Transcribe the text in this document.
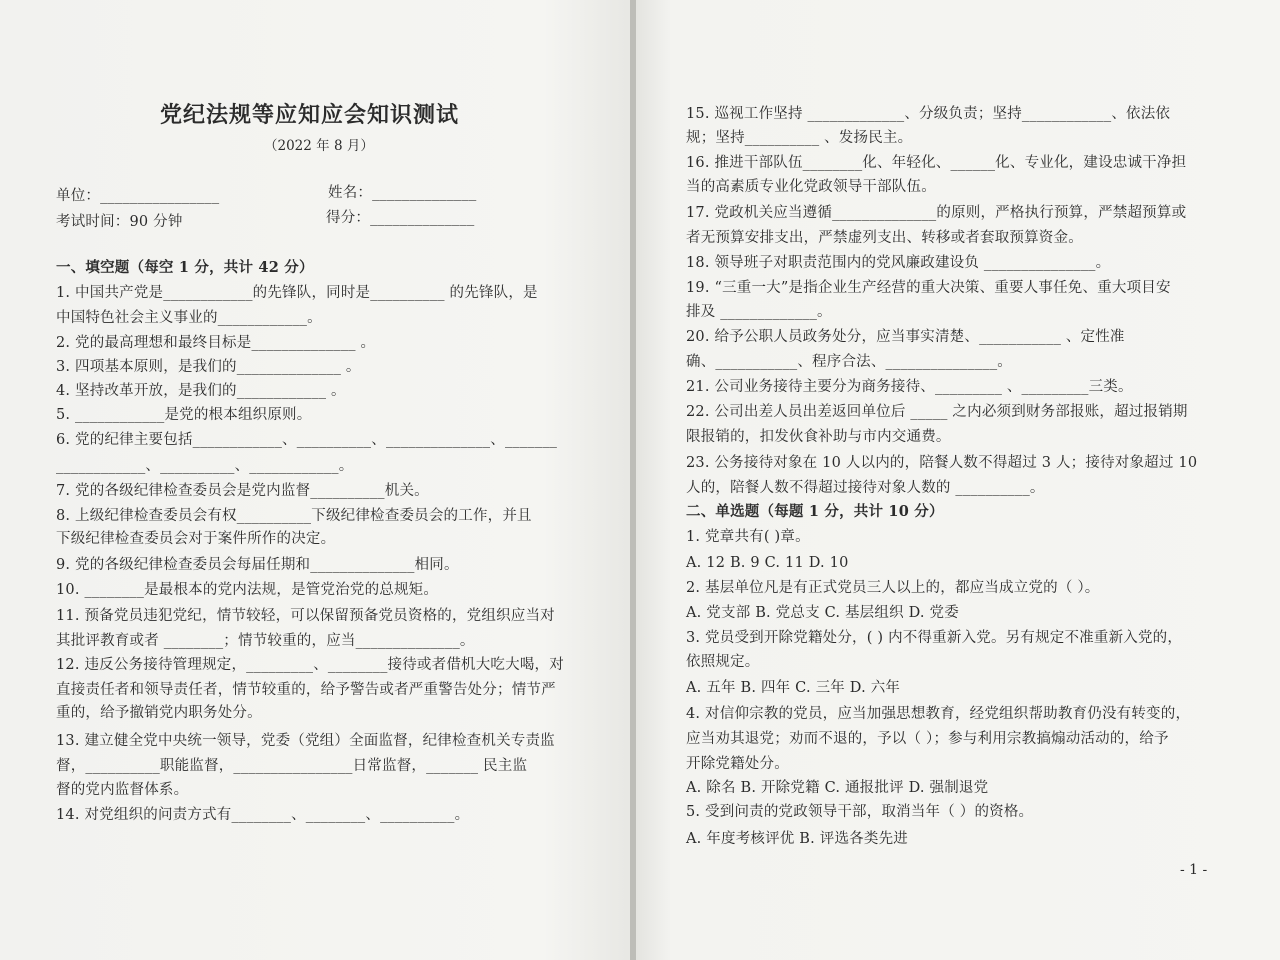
党纪法规等应知应会知识测试
（2022 年 8 月）
单位：________________	姓名：______________
考试时间：90 分钟	得分：______________
一、填空题（每空 1 分，共计 42 分）
1. 中国共产党是____________的先锋队，同时是__________ 的先锋队，是
中国特色社会主义事业的____________。
2. 党的最高理想和最终目标是______________ 。
3. 四项基本原则，是我们的______________ 。
4. 坚持改革开放，是我们的____________ 。
5. ____________是党的根本组织原则。
6. 党的纪律主要包括____________、__________、______________、_______
____________、__________、____________。
7. 党的各级纪律检查委员会是党内监督__________机关。
8. 上级纪律检查委员会有权__________下级纪律检查委员会的工作，并且
下级纪律检查委员会对于案件所作的决定。
9. 党的各级纪律检查委员会每届任期和______________相同。
10. ________是最根本的党内法规，是管党治党的总规矩。
11. 预备党员违犯党纪，情节较轻，可以保留预备党员资格的，党组织应当对
其批评教育或者 ________；情节较重的，应当______________。
12. 违反公务接待管理规定，_________、________接待或者借机大吃大喝，对
直接责任者和领导责任者，情节较重的，给予警告或者严重警告处分；情节严
重的，给予撤销党内职务处分。
13. 建立健全党中央统一领导，党委（党组）全面监督，纪律检查机关专责监
督，__________职能监督，________________日常监督，_______ 民主监
督的党内监督体系。
14. 对党组织的问责方式有________、________、__________。
15. 巡视工作坚持 _____________、分级负责；坚持____________、依法依
规；坚持__________ 、发扬民主。
16. 推进干部队伍________化、年轻化、______化、专业化，建设忠诚干净担
当的高素质专业化党政领导干部队伍。
17. 党政机关应当遵循______________的原则，严格执行预算，严禁超预算或
者无预算安排支出，严禁虚列支出、转移或者套取预算资金。
18. 领导班子对职责范围内的党风廉政建设负 _______________。
19. “三重一大”是指企业生产经营的重大决策、重要人事任免、重大项目安
排及 _____________。
20. 给予公职人员政务处分，应当事实清楚、___________ 、定性准
确、___________、程序合法、_______________。
21. 公司业务接待主要分为商务接待、_________ 、_________三类。
22. 公司出差人员出差返回单位后 _____ 之内必须到财务部报账，超过报销期
限报销的，扣发伙食补助与市内交通费。
23. 公务接待对象在 10 人以内的，陪餐人数不得超过 3 人；接待对象超过 10
人的，陪餐人数不得超过接待对象人数的 __________。
二、单选题（每题 1 分，共计 10 分）
1. 党章共有( )章。
A. 12 B. 9 C. 11 D. 10
2. 基层单位凡是有正式党员三人以上的，都应当成立党的（ ）。
A. 党支部 B. 党总支 C. 基层组织 D. 党委
3. 党员受到开除党籍处分，( ) 内不得重新入党。另有规定不准重新入党的，
依照规定。
A. 五年 B. 四年 C. 三年 D. 六年
4. 对信仰宗教的党员，应当加强思想教育，经党组织帮助教育仍没有转变的，
应当劝其退党；劝而不退的，予以（ ）；参与利用宗教搞煽动活动的，给予
开除党籍处分。
A. 除名 B. 开除党籍 C. 通报批评 D. 强制退党
5. 受到问责的党政领导干部，取消当年（ ）的资格。
A. 年度考核评优 B. 评选各类先进
- 1 -
